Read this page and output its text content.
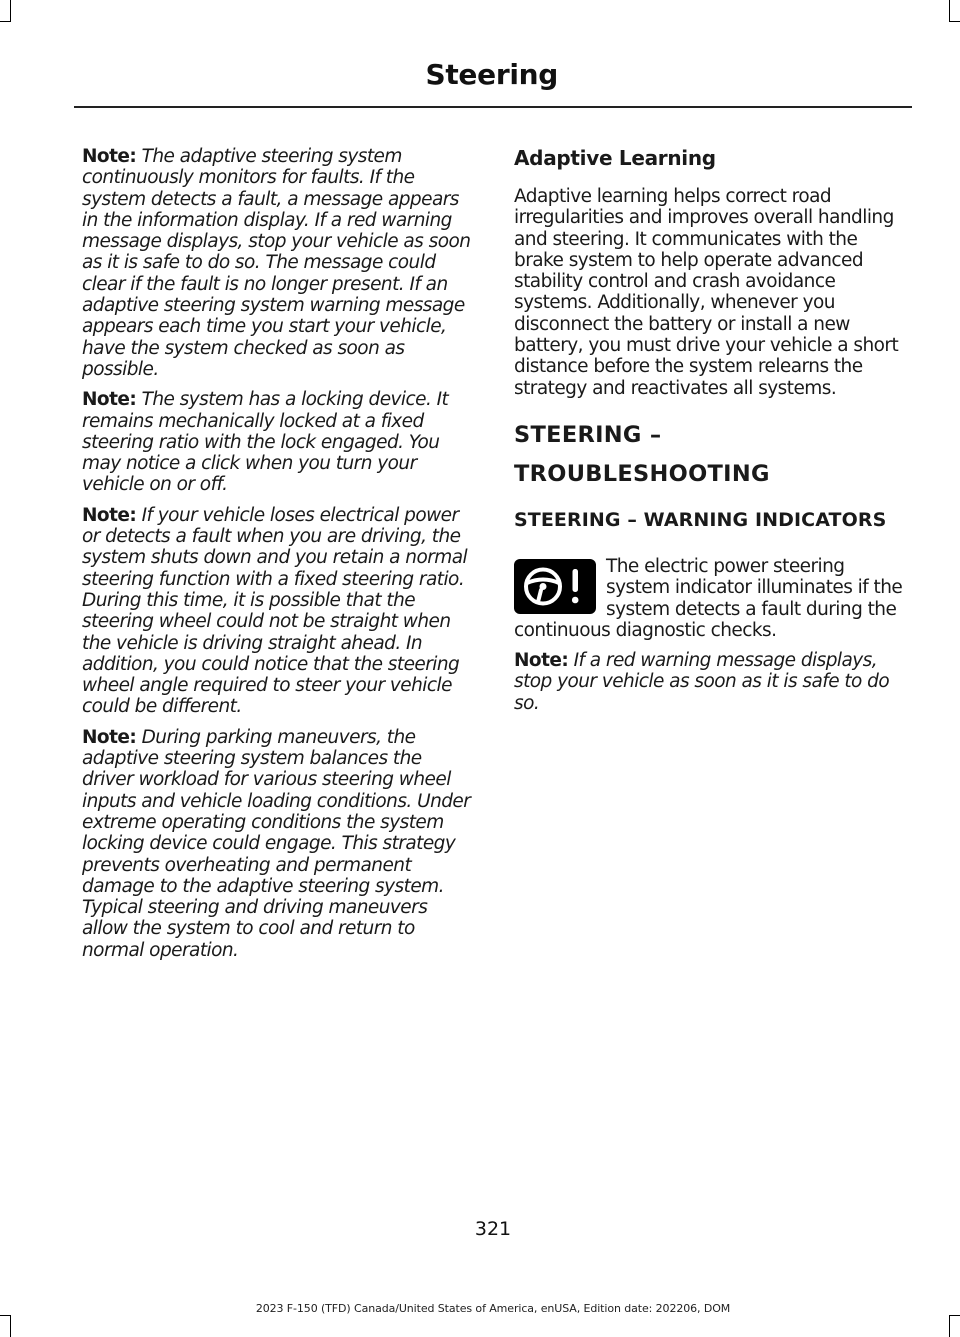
Steering

Note: The adaptive steering system continuously monitors for faults. If the system detects a fault, a message appears in the information display. If a red warning message displays, stop your vehicle as soon as it is safe to do so. The message could clear if the fault is no longer present. If an adaptive steering system warning message appears each time you start your vehicle, have the system checked as soon as possible.

Note: The system has a locking device. It remains mechanically locked at a fixed steering ratio with the lock engaged. You may notice a click when you turn your vehicle on or off.

Note: If your vehicle loses electrical power or detects a fault when you are driving, the system shuts down and you retain a normal steering function with a fixed steering ratio. During this time, it is possible that the steering wheel could not be straight when the vehicle is driving straight ahead. In addition, you could notice that the steering wheel angle required to steer your vehicle could be different.

Note: During parking maneuvers, the adaptive steering system balances the driver workload for various steering wheel inputs and vehicle loading conditions. Under extreme operating conditions the system locking device could engage. This strategy prevents overheating and permanent damage to the adaptive steering system. Typical steering and driving maneuvers allow the system to cool and return to normal operation.

Adaptive Learning

Adaptive learning helps correct road irregularities and improves overall handling and steering. It communicates with the brake system to help operate advanced stability control and crash avoidance systems. Additionally, whenever you disconnect the battery or install a new battery, you must drive your vehicle a short distance before the system relearns the strategy and reactivates all systems.

STEERING –
TROUBLESHOOTING
STEERING – WARNING INDICATORS
The electric power steering system indicator illuminates if the system detects a fault during the continuous diagnostic checks.

Note: If a red warning message displays, stop your vehicle as soon as it is safe to do so.

321
2023 F-150 (TFD) Canada/United States of America, enUSA, Edition date: 202206, DOM
